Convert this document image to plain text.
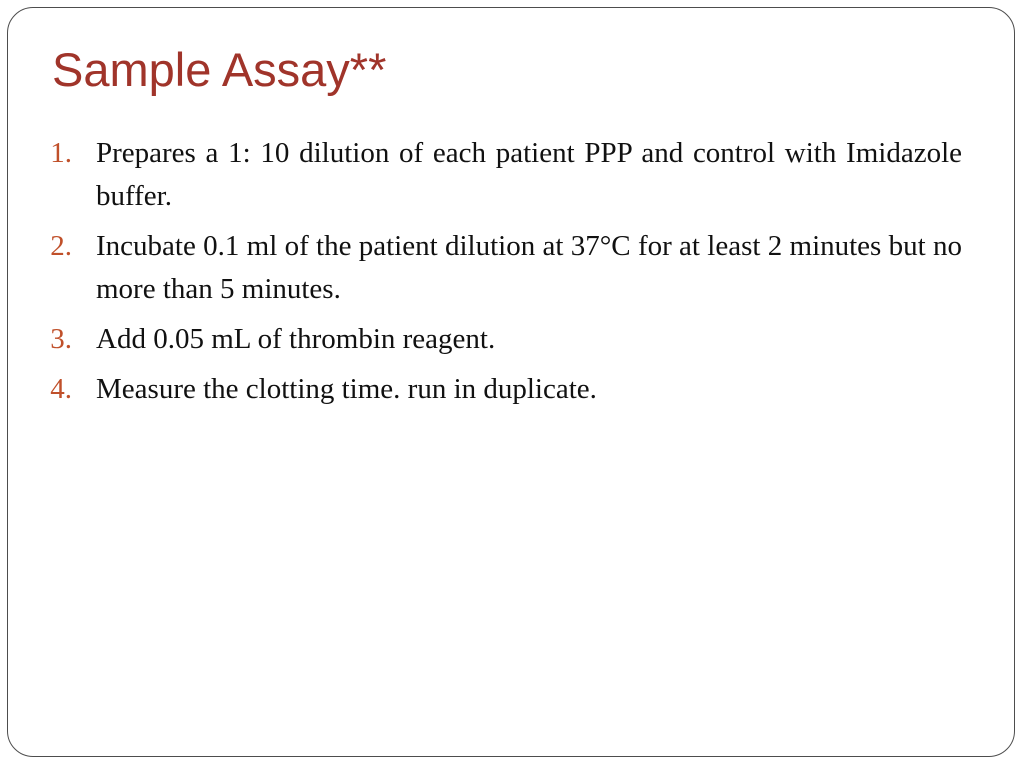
Sample Assay**
1. Prepares a 1: 10 dilution of each patient PPP and control with Imidazole buffer.
2. Incubate 0.1 ml of the patient dilution at 37°C for at least 2 minutes but no more than 5 minutes.
3. Add 0.05 mL of thrombin reagent.
4. Measure the clotting time. run in duplicate.
